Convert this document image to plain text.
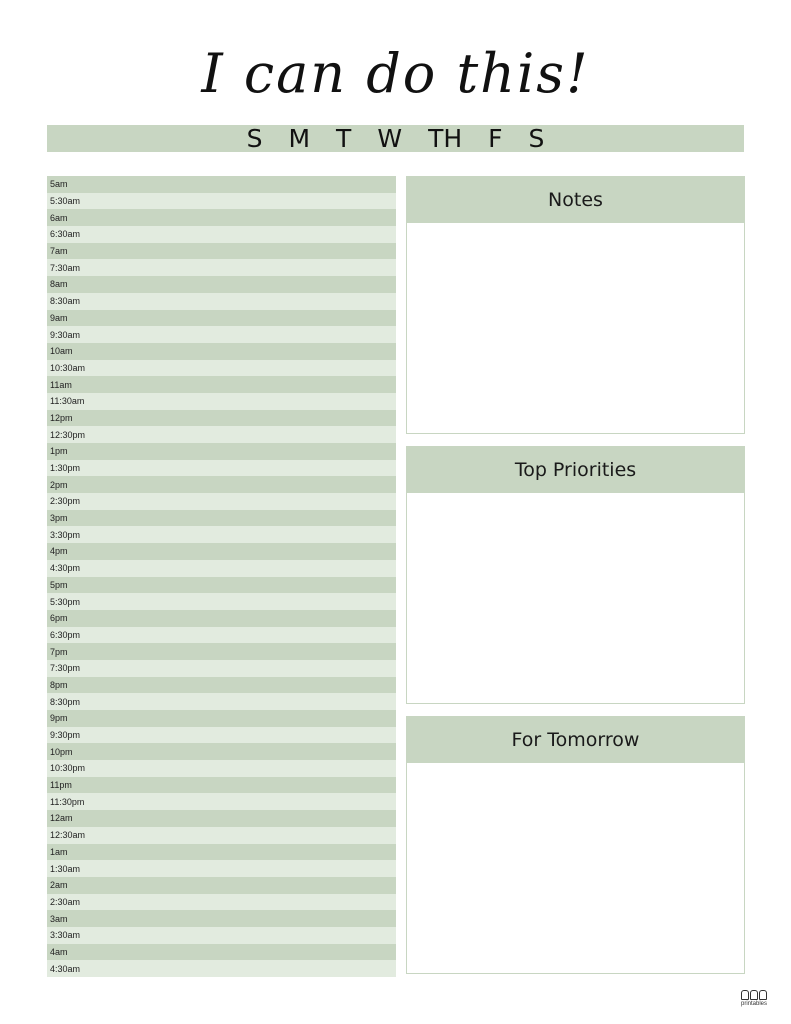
I can do this!
S M T W TH F S
5am
5:30am
6am
6:30am
7am
7:30am
8am
8:30am
9am
9:30am
10am
10:30am
11am
11:30am
12pm
12:30pm
1pm
1:30pm
2pm
2:30pm
3pm
3:30pm
4pm
4:30pm
5pm
5:30pm
6pm
6:30pm
7pm
7:30pm
8pm
8:30pm
9pm
9:30pm
10pm
10:30pm
11pm
11:30pm
12am
12:30am
1am
1:30am
2am
2:30am
3am
3:30am
4am
4:30am
Notes
Top Priorities
For Tomorrow
printables
